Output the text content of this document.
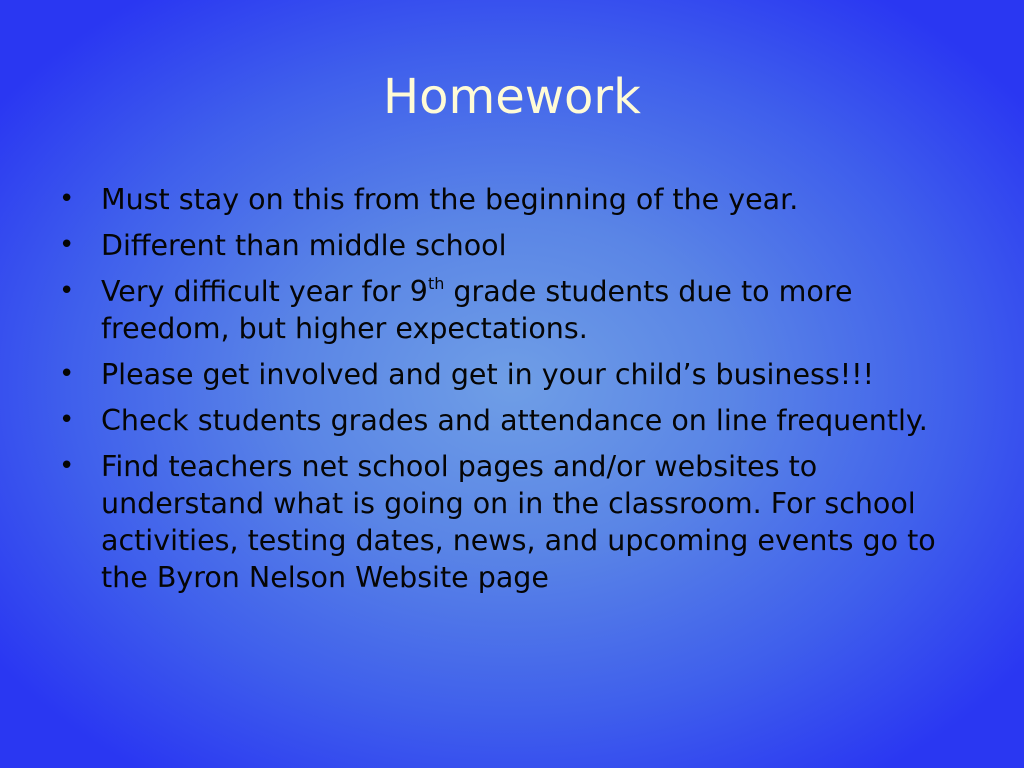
Homework
• Must stay on this from the beginning of the year.
• Different than middle school
• Very difficult year for 9th grade students due to more freedom, but higher expectations.
• Please get involved and get in your child’s business!!!
• Check students grades and attendance on line frequently.
• Find teachers net school pages and/or websites to understand what is going on in the classroom. For school activities, testing dates, news, and upcoming events go to the Byron Nelson Website page
